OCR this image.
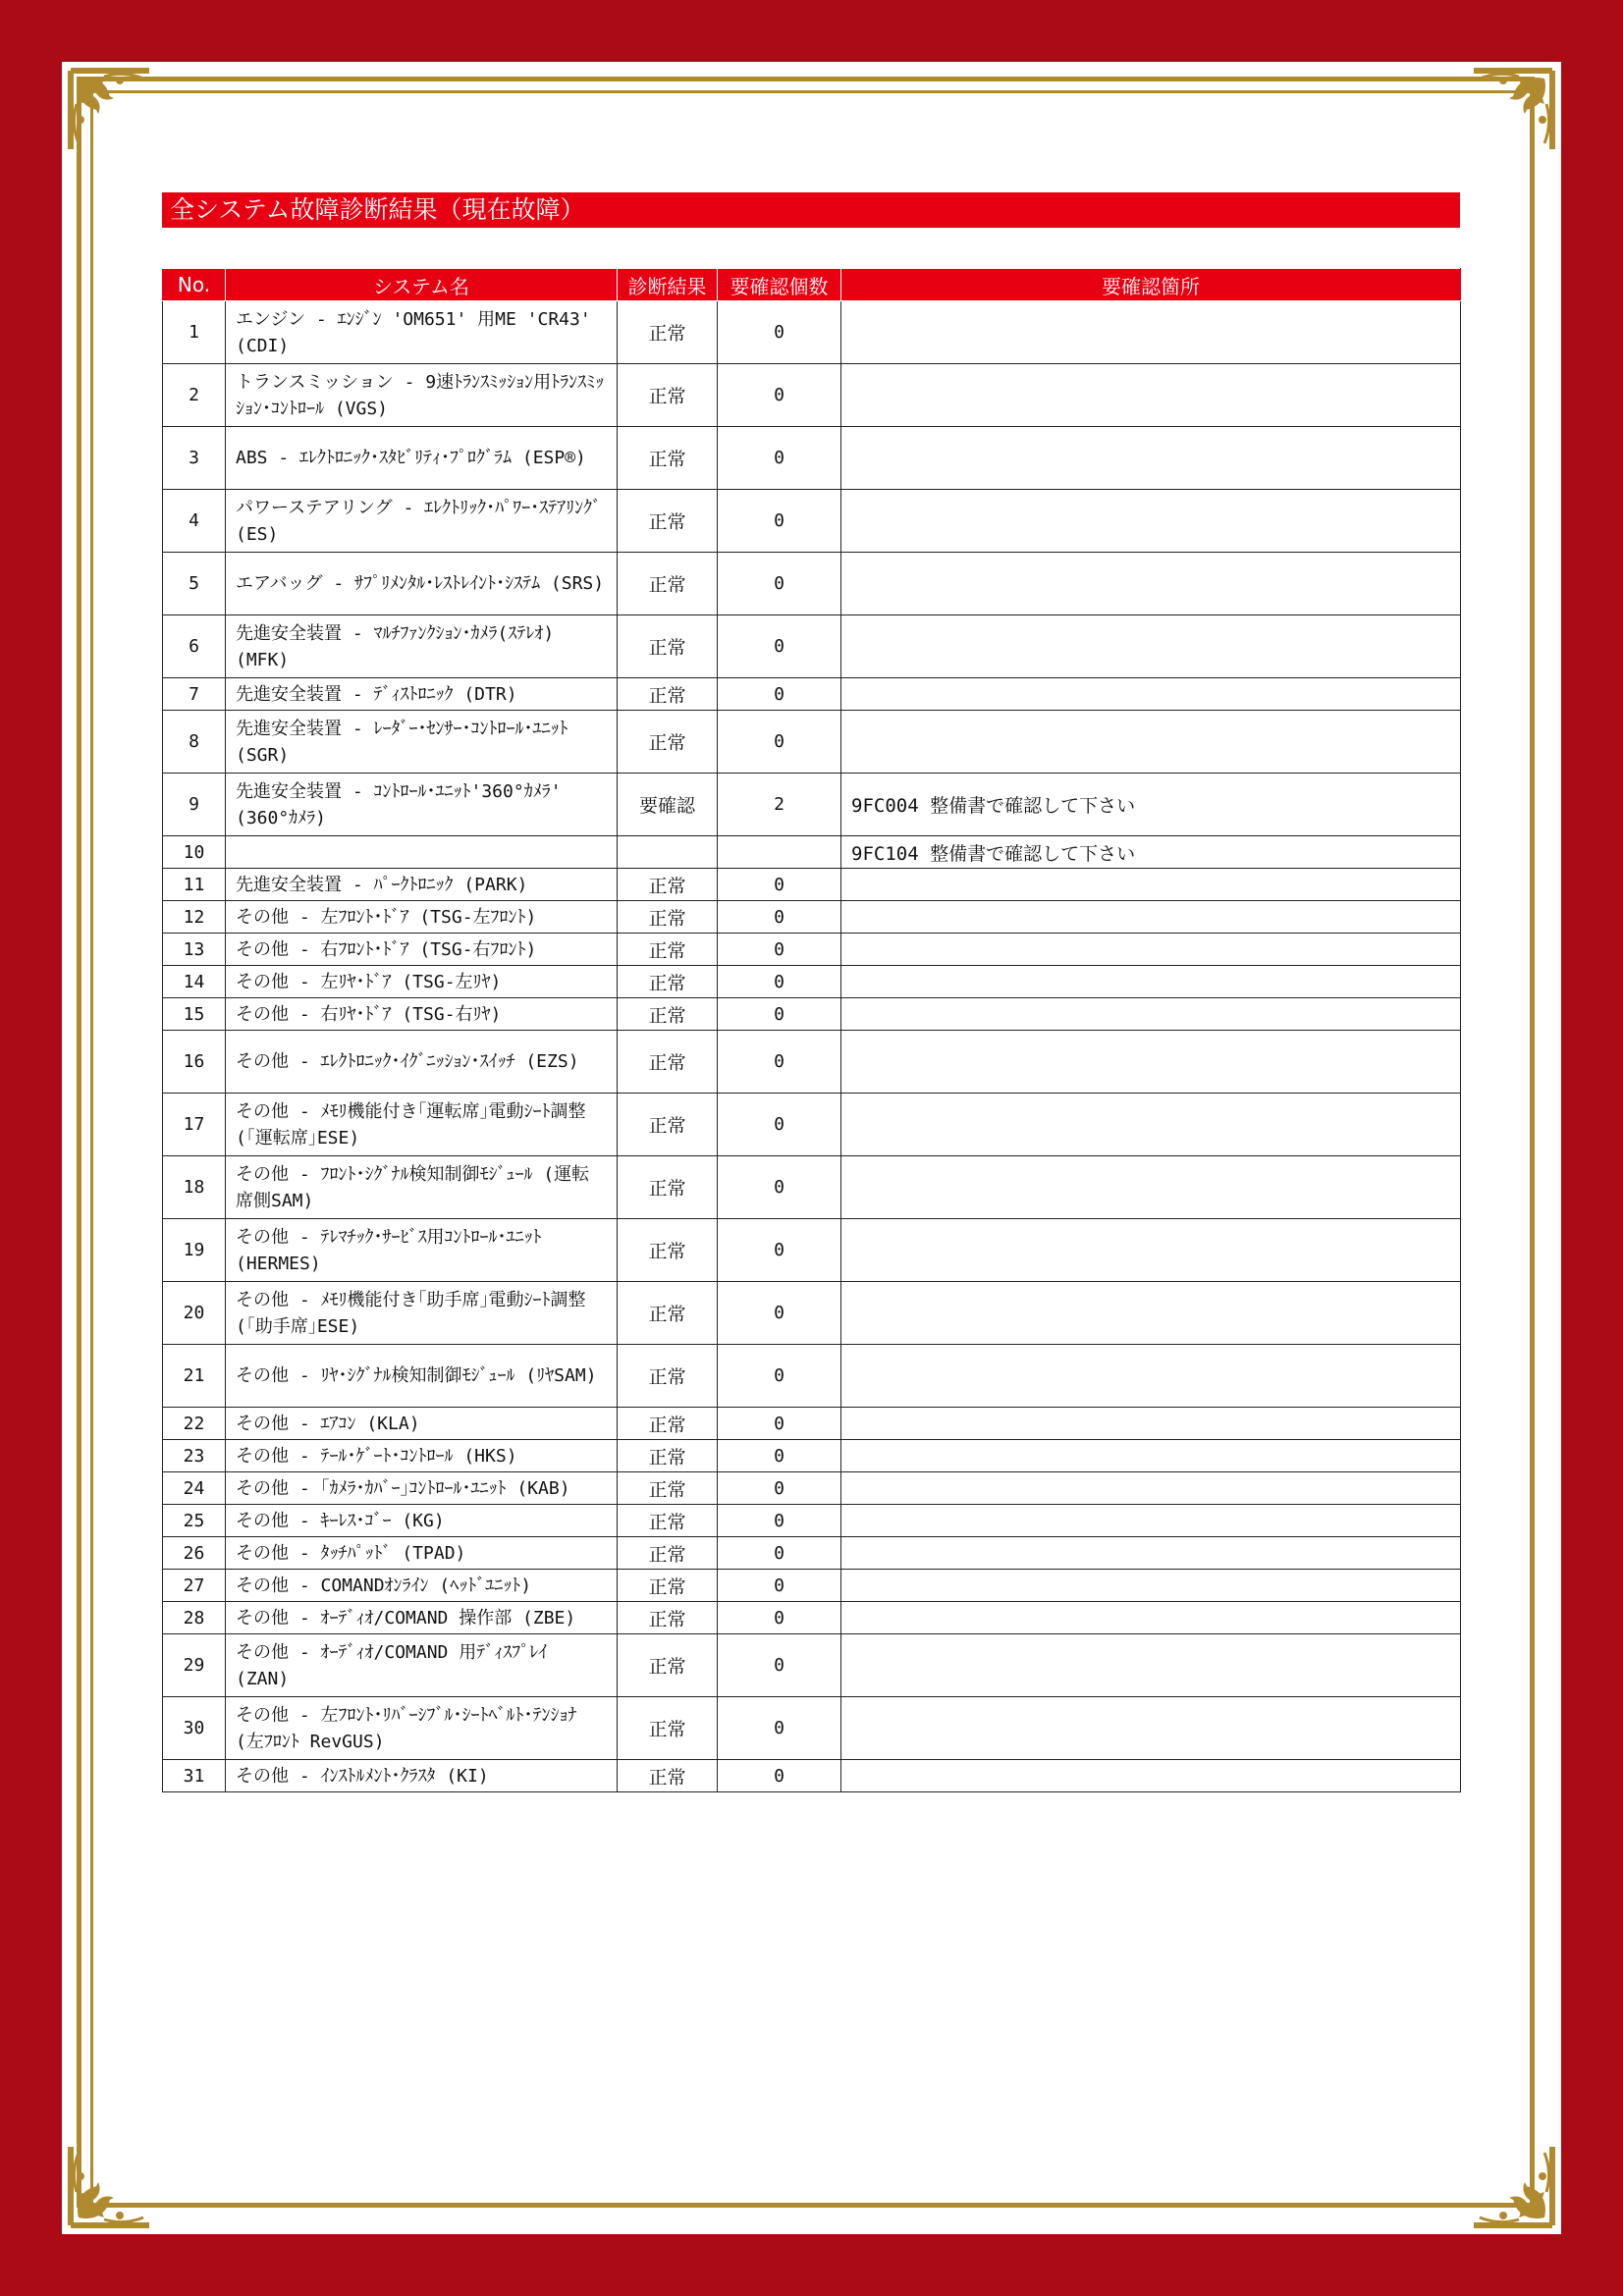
全システム故障診断結果（現在故障）
No.	システム名	診断結果	要確認個数	要確認箇所
1	エンジン - ｴﾝｼﾞﾝ 'OM651' 用ME 'CR43' (CDI)	正常	0	
2	トランスミッション - 9速ﾄﾗﾝｽﾐｯｼｮﾝ用ﾄﾗﾝｽﾐｯｼｮﾝ･ｺﾝﾄﾛｰﾙ (VGS)	正常	0	
3	ABS - ｴﾚｸﾄﾛﾆｯｸ･ｽﾀﾋﾞﾘﾃｨ･ﾌﾟﾛｸﾞﾗﾑ (ESP®)	正常	0	
4	パワーステアリング - ｴﾚｸﾄﾘｯｸ･ﾊﾟﾜｰ･ｽﾃｱﾘﾝｸﾞ (ES)	正常	0	
5	エアバッグ - ｻﾌﾟﾘﾒﾝﾀﾙ･ﾚｽﾄﾚｲﾝﾄ･ｼｽﾃﾑ (SRS)	正常	0	
6	先進安全装置 - ﾏﾙﾁﾌｧﾝｸｼｮﾝ･ｶﾒﾗ(ｽﾃﾚｵ) (MFK)	正常	0	
7	先進安全装置 - ﾃﾞｨｽﾄﾛﾆｯｸ (DTR)	正常	0	
8	先進安全装置 - ﾚｰﾀﾞｰ･ｾﾝｻｰ･ｺﾝﾄﾛｰﾙ･ﾕﾆｯﾄ (SGR)	正常	0	
9	先進安全装置 - ｺﾝﾄﾛｰﾙ･ﾕﾆｯﾄ'360°ｶﾒﾗ' (360°ｶﾒﾗ)	要確認	2	9FC004 整備書で確認して下さい
10				9FC104 整備書で確認して下さい
11	先進安全装置 - ﾊﾟｰｸﾄﾛﾆｯｸ (PARK)	正常	0	
12	その他 - 左ﾌﾛﾝﾄ･ﾄﾞｱ (TSG-左ﾌﾛﾝﾄ)	正常	0	
13	その他 - 右ﾌﾛﾝﾄ･ﾄﾞｱ (TSG-右ﾌﾛﾝﾄ)	正常	0	
14	その他 - 左ﾘﾔ･ﾄﾞｱ (TSG-左ﾘﾔ)	正常	0	
15	その他 - 右ﾘﾔ･ﾄﾞｱ (TSG-右ﾘﾔ)	正常	0	
16	その他 - ｴﾚｸﾄﾛﾆｯｸ･ｲｸﾞﾆｯｼｮﾝ･ｽｲｯﾁ (EZS)	正常	0	
17	その他 - ﾒﾓﾘ機能付き｢運転席｣電動ｼｰﾄ調整 (｢運転席｣ESE)	正常	0	
18	その他 - ﾌﾛﾝﾄ･ｼｸﾞﾅﾙ検知制御ﾓｼﾞｭｰﾙ (運転席側SAM)	正常	0	
19	その他 - ﾃﾚﾏﾁｯｸ･ｻｰﾋﾞｽ用ｺﾝﾄﾛｰﾙ･ﾕﾆｯﾄ (HERMES)	正常	0	
20	その他 - ﾒﾓﾘ機能付き｢助手席｣電動ｼｰﾄ調整 (｢助手席｣ESE)	正常	0	
21	その他 - ﾘﾔ･ｼｸﾞﾅﾙ検知制御ﾓｼﾞｭｰﾙ (ﾘﾔSAM)	正常	0	
22	その他 - ｴｱｺﾝ (KLA)	正常	0	
23	その他 - ﾃｰﾙ･ｹﾞｰﾄ･ｺﾝﾄﾛｰﾙ (HKS)	正常	0	
24	その他 - ｢ｶﾒﾗ･ｶﾊﾞｰ｣ｺﾝﾄﾛｰﾙ･ﾕﾆｯﾄ (KAB)	正常	0	
25	その他 - ｷｰﾚｽ･ｺﾞｰ (KG)	正常	0	
26	その他 - ﾀｯﾁﾊﾟｯﾄﾞ (TPAD)	正常	0	
27	その他 - COMANDｵﾝﾗｲﾝ (ﾍｯﾄﾞﾕﾆｯﾄ)	正常	0	
28	その他 - ｵｰﾃﾞｨｵ/COMAND 操作部 (ZBE)	正常	0	
29	その他 - ｵｰﾃﾞｨｵ/COMAND 用ﾃﾞｨｽﾌﾟﾚｲ (ZAN)	正常	0	
30	その他 - 左ﾌﾛﾝﾄ･ﾘﾊﾞｰｼﾌﾞﾙ･ｼｰﾄﾍﾞﾙﾄ･ﾃﾝｼｮﾅ (左ﾌﾛﾝﾄ RevGUS)	正常	0	
31	その他 - ｲﾝｽﾄﾙﾒﾝﾄ･ｸﾗｽﾀ (KI)	正常	0	
